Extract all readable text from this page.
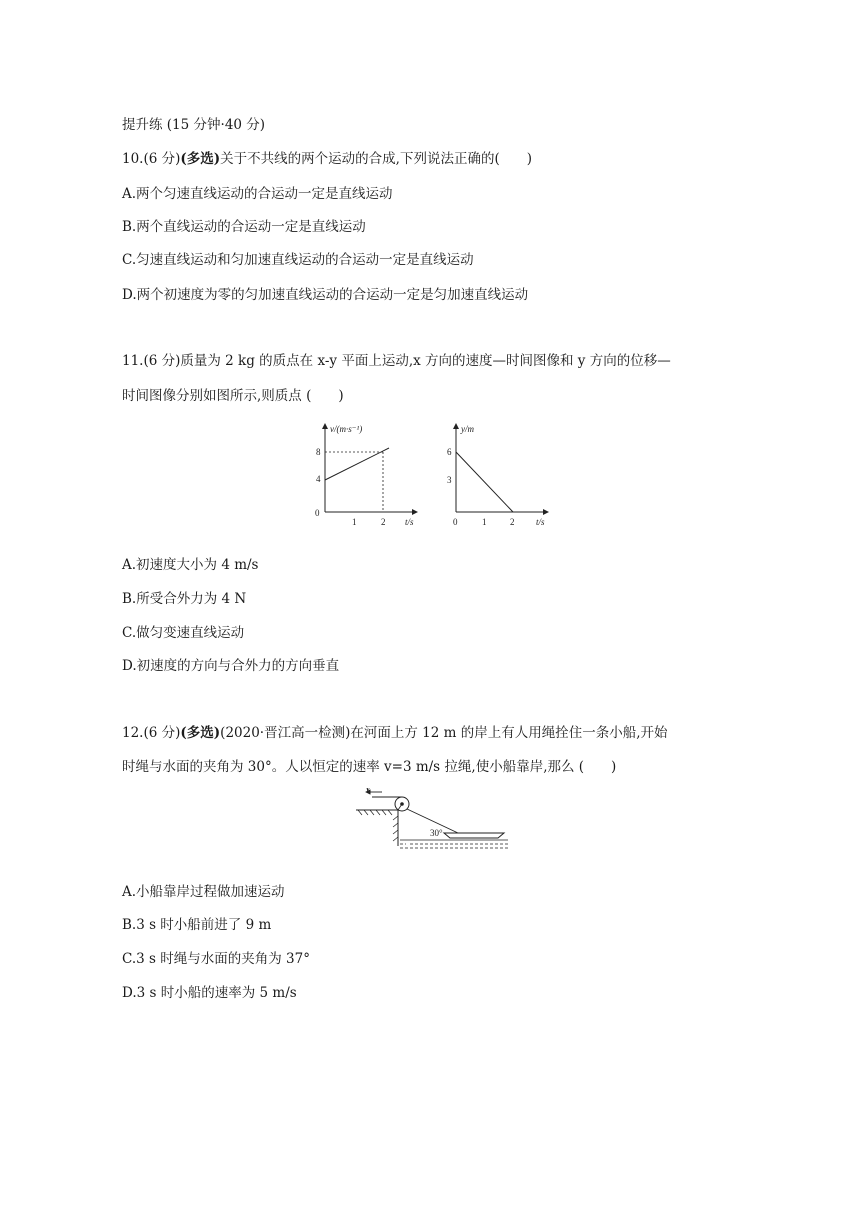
提升练 (15 分钟·40 分)
10.(6 分)(多选)关于不共线的两个运动的合成,下列说法正确的(　　)
A.两个匀速直线运动的合运动一定是直线运动
B.两个直线运动的合运动一定是直线运动
C.匀速直线运动和匀加速直线运动的合运动一定是直线运动
D.两个初速度为零的匀加速直线运动的合运动一定是匀加速直线运动
11.(6 分)质量为 2 kg 的质点在 x-y 平面上运动,x 方向的速度—时间图像和 y 方向的位移—
时间图像分别如图所示,则质点 (　　)
v/(m·s⁻¹)
t/s
0
1	2
4
8
y/m
t/s
0	1	2
3
6
A.初速度大小为 4 m/s
B.所受合外力为 4 N
C.做匀变速直线运动
D.初速度的方向与合外力的方向垂直
12.(6 分)(多选)(2020·晋江高一检测)在河面上方 12 m 的岸上有人用绳拴住一条小船,开始
时绳与水面的夹角为 30°。人以恒定的速率 v=3 m/s 拉绳,使小船靠岸,那么 (　　)
v
30°
A.小船靠岸过程做加速运动
B.3 s 时小船前进了 9 m
C.3 s 时绳与水面的夹角为 37°
D.3 s 时小船的速率为 5 m/s
